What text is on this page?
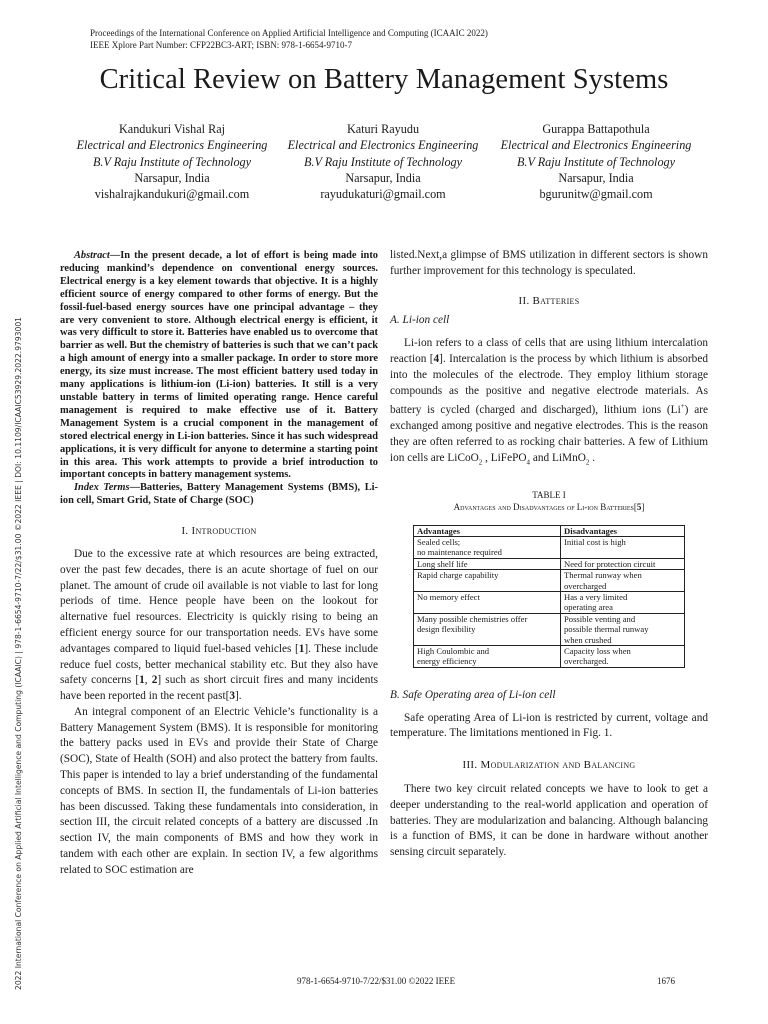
Proceedings of the International Conference on Applied Artificial Intelligence and Computing (ICAAIC 2022)
IEEE Xplore Part Number: CFP22BC3-ART; ISBN: 978-1-6654-9710-7
Critical Review on Battery Management Systems
Kandukuri Vishal Raj
Electrical and Electronics Engineering
B.V Raju Institute of Technology
Narsapur, India
vishalrajkandukuri@gmail.com
Katuri Rayudu
Electrical and Electronics Engineering
B.V Raju Institute of Technology
Narsapur, India
rayudukaturi@gmail.com
Gurappa Battapothula
Electrical and Electronics Engineering
B.V Raju Institute of Technology
Narsapur, India
bgurunitw@gmail.com
2022 International Conference on Applied Artificial Intelligence and Computing (ICAAIC) | 978-1-6654-9710-7/22/$31.00 ©2022 IEEE | DOI: 10.1109/ICAAIC53929.2022.9793001

Abstract—In the present decade, a lot of effort is being made into reducing mankind’s dependence on conventional energy sources. Electrical energy is a key element towards that objective. It is a highly efficient source of energy compared to other forms of energy. But the fossil-fuel-based energy sources have one principal advantage – they are very convenient to store. Although electrical energy is efficient, it was very difficult to store it. Batteries have enabled us to overcome that barrier as well. But the chemistry of batteries is such that we can’t pack a high amount of energy into a smaller package. In order to store more energy, its size must increase. The most efficient battery used today in many applications is lithium-ion (Li-ion) batteries. It still is a very unstable battery in terms of limited operating range. Hence careful management is required to make effective use of it. Battery Management System is a crucial component in the management of stored electrical energy in Li-ion batteries. Since it has such widespread applications, it is very difficult for anyone to determine a starting point in this area. This work attempts to provide a brief introduction to important concepts in battery management systems.

Index Terms—Batteries, Battery Management Systems (BMS), Li-ion cell, Smart Grid, State of Charge (SOC)

I. Introduction

Due to the excessive rate at which resources are being extracted, over the past few decades, there is an acute shortage of fuel on our planet. The amount of crude oil available is not viable to last for long periods of time. Hence people have been on the lookout for alternative fuel resources. Electricity is quickly rising to being an efficient energy source for our transportation needs. EVs have some advantages compared to liquid fuel-based vehicles [1]. These include reduce fuel costs, better mechanical stability etc. But they also have safety concerns [1, 2] such as short circuit fires and many incidents have been reported in the recent past[3].

An integral component of an Electric Vehicle’s functionality is a Battery Management System (BMS). It is responsible for monitoring the battery packs used in EVs and provide their State of Charge (SOC), State of Health (SOH) and also protect the battery from faults. This paper is intended to lay a brief understanding of the fundamental concepts of BMS. In section II, the fundamentals of Li-ion batteries has been discussed. Taking these fundamentals into consideration, in section III, the circuit related concepts of a battery are discussed .In section IV, the main components of BMS and how they work in tandem with each other are explain. In section IV, a few algorithms related to SOC estimation are

listed.Next,a glimpse of BMS utilization in different sectors is shown further improvement for this technology is speculated.

II. Batteries

A. Li-ion cell

Li-ion refers to a class of cells that are using lithium intercalation reaction [4]. Intercalation is the process by which lithium is absorbed into the molecules of the electrode. They employ lithium storage compounds as the positive and negative electrode materials. As battery is cycled (charged and discharged), lithium ions (Li+) are exchanged among positive and negative electrodes. This is the reason they are often referred to as rocking chair batteries. A few of Lithium ion cells are LiCoO$_2$ , LiFePO$_4$ and LiMnO$_2$ .

TABLE I

Advantages and Disadvantages of Li-ion Batteries[5]

Advantages	Disadvantages
Sealed cells;
no maintenance required	Initial cost is high
Long shelf life	Need for protection circuit
Rapid charge capability	Thermal runway when
overcharged
No memory effect	Has a very limited
operating area
Many possible chemistries offer
design flexibility	Possible venting and
possible thermal runway
when crushed
High Coulombic and
energy efficiency	Capacity loss when
overcharged.

B. Safe Operating area of Li-ion cell

Safe operating Area of Li-ion is restricted by current, voltage and temperature. The limitations mentioned in Fig. 1.

III. Modularization and Balancing

There two key circuit related concepts we have to look to get a deeper understanding to the real-world application and operation of batteries. They are modularization and balancing. Although balancing is a function of BMS, it can be done in hardware without another sensing circuit separately.

978-1-6654-9710-7/22/$31.00 ©2022 IEEE	1676
